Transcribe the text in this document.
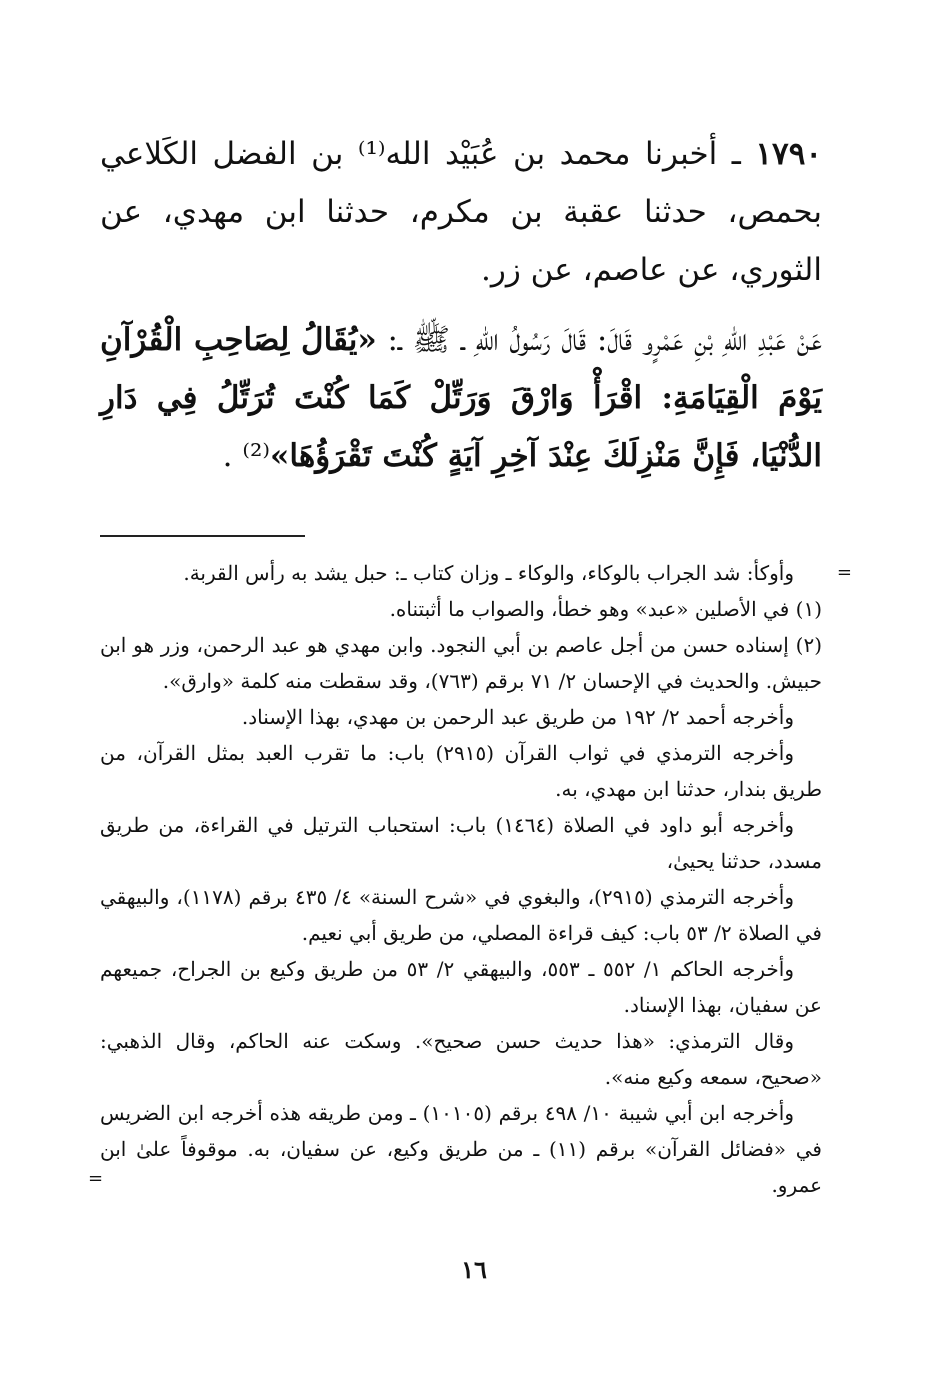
١٧٩٠ ـ أخبرنا محمد بن عُبَيْد الله⁽¹⁾ بن الفضل الكَلاعي بحمص، حدثنا عقبة بن مكرم، حدثنا ابن مهدي، عن الثوري، عن عاصم، عن زر.

عَنْ عَبْدِ اللهِ بْنِ عَمْرٍو قَالَ: قَالَ رَسُولُ اللهِ ـ ﷺ ـ: «يُقَالُ لِصَاحِبِ الْقُرْآنِ يَوْمَ الْقِيَامَةِ: اقْرَأْ وَارْقَ وَرَتِّلْ كَمَا كُنْتَ تُرَتِّلُ فِي دَارِ الدُّنْيَا، فَإِنَّ مَنْزِلَكَ عِنْدَ آخِرِ آيَةٍ كُنْتَ تَقْرَؤُهَا»⁽²⁾ .

=

وأوكأ: شد الجراب بالوكاء، والوكاء ـ وزان كتاب ـ: حبل يشد به رأس القربة.

(١) في الأصلين «عبد» وهو خطأ، والصواب ما أثبتناه.

(٢) إسناده حسن من أجل عاصم بن أبي النجود. وابن مهدي هو عبد الرحمن، وزر هو ابن حبيش. والحديث في الإحسان ٢/ ٧١ برقم (٧٦٣)، وقد سقطت منه كلمة «وارق».

وأخرجه أحمد ٢/ ١٩٢ من طريق عبد الرحمن بن مهدي، بهذا الإسناد.

وأخرجه الترمذي في ثواب القرآن (٢٩١٥) باب: ما تقرب العبد بمثل القرآن، من طريق بندار، حدثنا ابن مهدي، به.

وأخرجه أبو داود في الصلاة (١٤٦٤) باب: استحباب الترتيل في القراءة، من طريق مسدد، حدثنا يحيىٰ،

وأخرجه الترمذي (٢٩١٥)، والبغوي في «شرح السنة» ٤/ ٤٣٥ برقم (١١٧٨)، والبيهقي في الصلاة ٢/ ٥٣ باب: كيف قراءة المصلي، من طريق أبي نعيم.

وأخرجه الحاكم ١/ ٥٥٢ ـ ٥٥٣، والبيهقي ٢/ ٥٣ من طريق وكيع بن الجراح، جميعهم عن سفيان، بهذا الإسناد.

وقال الترمذي: «هذا حديث حسن صحيح». وسكت عنه الحاكم، وقال الذهبي: «صحيح، سمعه وكيع منه».

=

وأخرجه ابن أبي شيبة ١٠/ ٤٩٨ برقم (١٠١٠٥) ـ ومن طريقه هذه أخرجه ابن الضريس في «فضائل القرآن» برقم (١١) ـ من طريق وكيع، عن سفيان، به. موقوفاً علىٰ ابن عمرو.

١٦
